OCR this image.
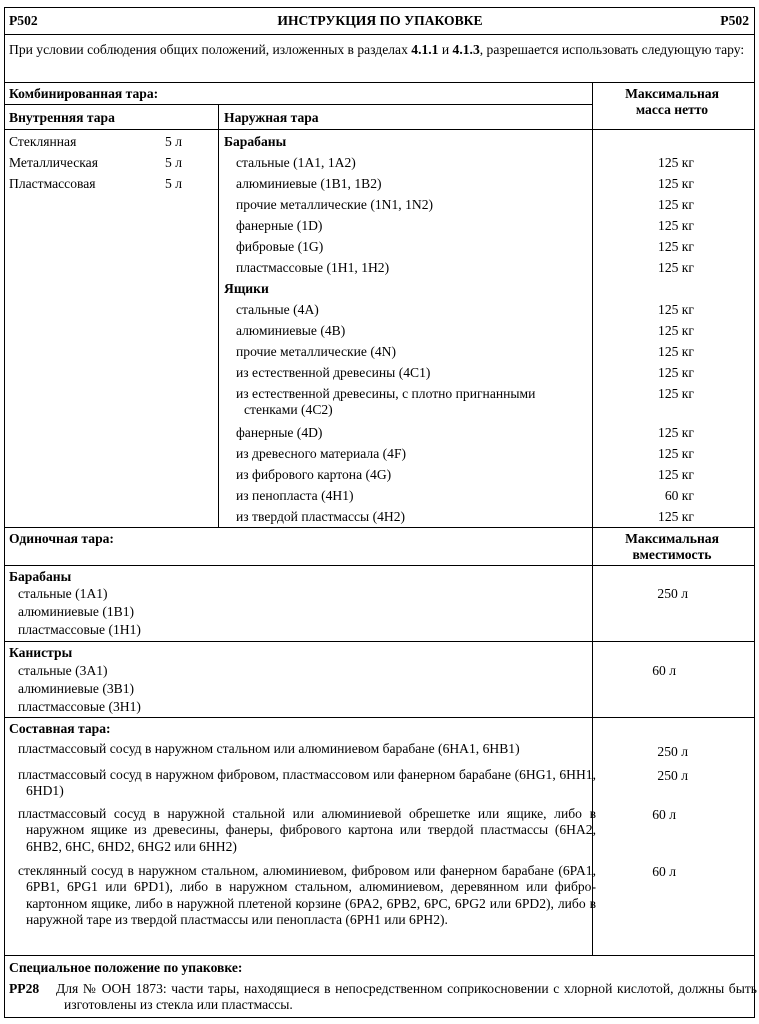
P502	ИНСТРУКЦИЯ ПО УПАКОВКЕ	P502
При условии соблюдения общих положений, изложенных в разделах 4.1.1 и 4.1.3, разрешается использовать следующую тару:
Комбинированная тара:	Максимальная масса нетто
Внутренняя тара	Наружная тара
Стеклянная	5 л
Металлическая	5 л
Пластмассовая	5 л
Барабаны
стальные (1A1, 1A2)	125 кг
алюминиевые (1B1, 1B2)	125 кг
прочие металлические (1N1, 1N2)	125 кг
фанерные (1D)	125 кг
фибровые (1G)	125 кг
пластмассовые (1H1, 1H2)	125 кг
Ящики
стальные (4A)	125 кг
алюминиевые (4B)	125 кг
прочие металлические (4N)	125 кг
из естественной древесины (4C1)	125 кг
из естественной древесины, с плотно пригнанными стенками (4C2)
125 кг
фанерные (4D)	125 кг
из древесного материала (4F)	125 кг
из фибрового картона (4G)	125 кг
из пенопласта (4H1)	60 кг
из твердой пластмассы (4H2)	125 кг
Одиночная тара:	Максимальная вместимость
Барабаны
стальные (1A1)
алюминиевые (1B1)
пластмассовые (1H1)
250 л
Канистры
стальные (3A1)
алюминиевые (3B1)
пластмассовые (3H1)
60 л
Составная тара:
пластмассовый сосуд в наружном стальном или алюминиевом барабане (6HA1, 6HB1)	250 л
пластмассовый сосуд в наружном фибровом, пластмассовом или фанерном барабане (6HG1, 6HH1, 6HD1)
250 л
пластмассовый сосуд в наружной стальной или алюминиевой обрешетке или ящике, либо в наружном ящике из древесины, фанеры, фибрового картона или твердой пластмассы (6HA2, 6HB2, 6HC, 6HD2, 6HG2 или 6HH2)
60 л
стеклянный сосуд в наружном стальном, алюминиевом, фибровом или фанерном барабане (6PA1, 6PB1, 6PG1 или 6PD1), либо в наружном стальном, алюминиевом, деревянном или фибро-картонном ящике, либо в наружной плетеной корзине (6PA2, 6PB2, 6PC, 6PG2 или 6PD2), либо в наружной таре из твердой пластмассы или пенопласта (6PH1 или 6PH2).
60 л
Специальное положение по упаковке:
PP28 Для № ООН 1873: части тары, находящиеся в непосредственном соприкосновении с хлорной кислотой, должны быть изготовлены из стекла или пластмассы.
